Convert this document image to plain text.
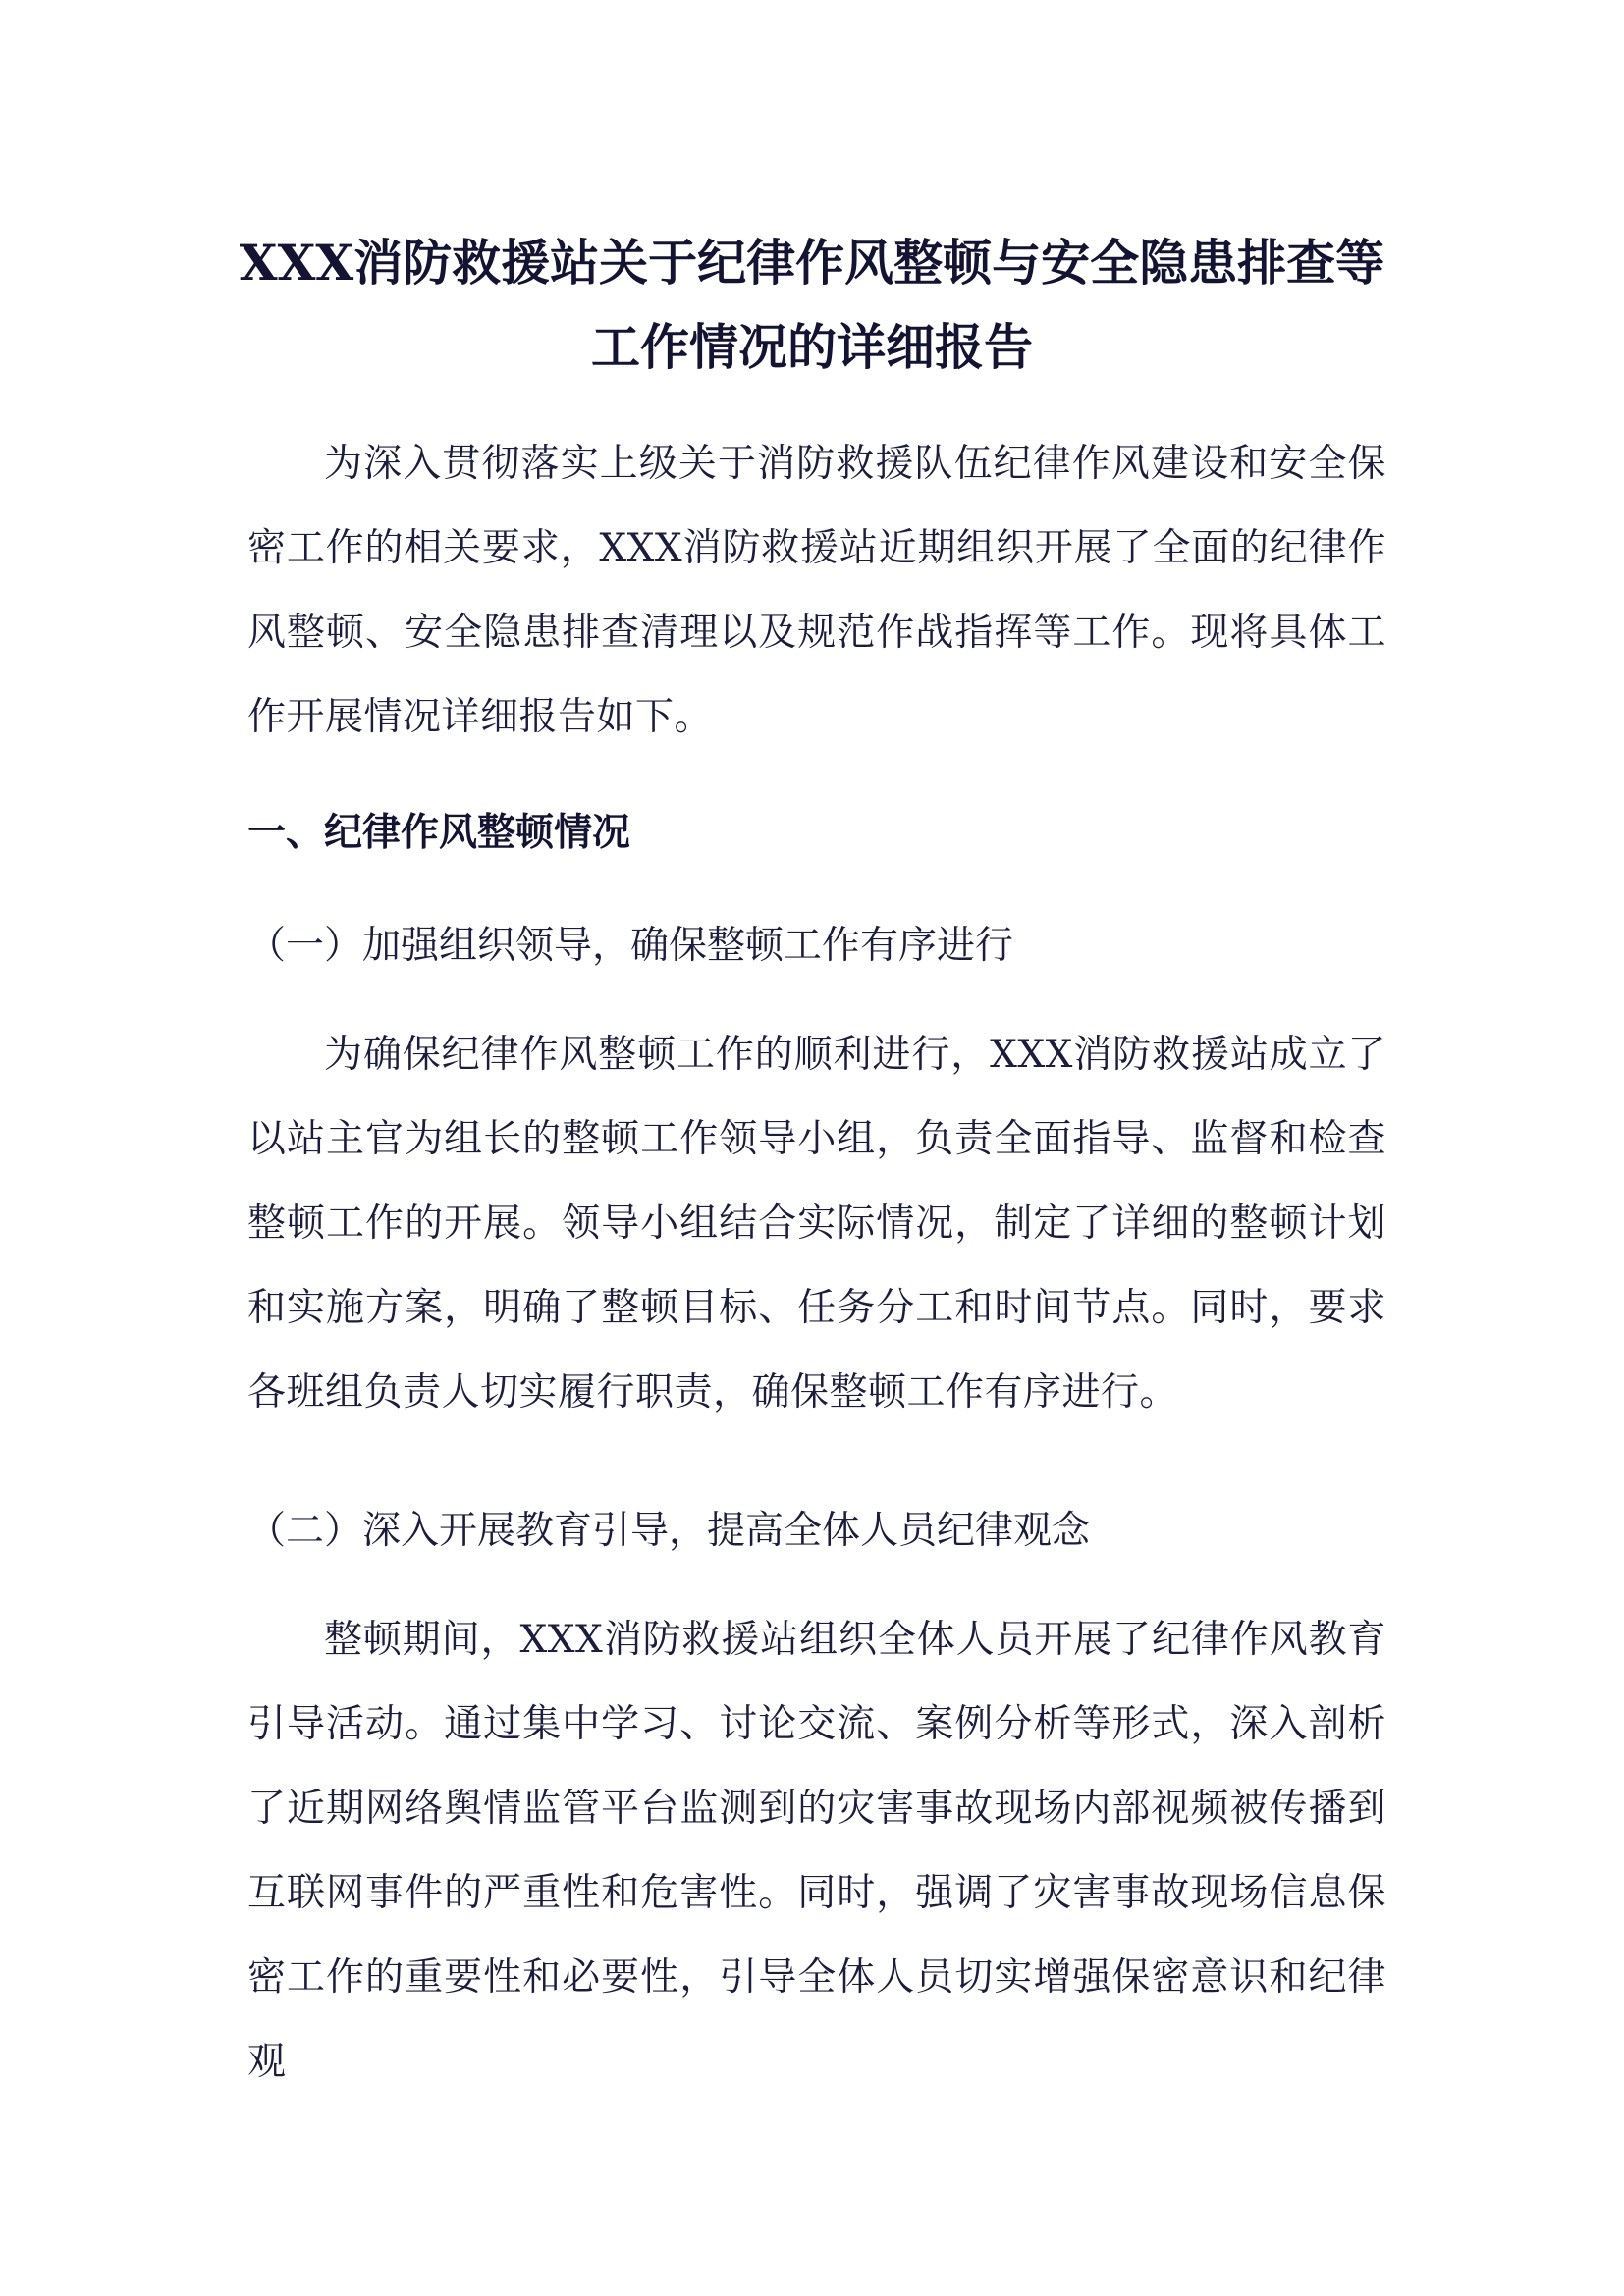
XXX消防救援站关于纪律作风整顿与安全隐患排查等
工作情况的详细报告
为深入贯彻落实上级关于消防救援队伍纪律作风建设和安全保密工作的相关要求，XXX消防救援站近期组织开展了全面的纪律作风整顿、安全隐患排查清理以及规范作战指挥等工作。现将具体工作开展情况详细报告如下。
一、纪律作风整顿情况
（一）加强组织领导，确保整顿工作有序进行
为确保纪律作风整顿工作的顺利进行，XXX消防救援站成立了以站主官为组长的整顿工作领导小组，负责全面指导、监督和检查整顿工作的开展。领导小组结合实际情况，制定了详细的整顿计划和实施方案，明确了整顿目标、任务分工和时间节点。同时，要求各班组负责人切实履行职责，确保整顿工作有序进行。
（二）深入开展教育引导，提高全体人员纪律观念
整顿期间，XXX消防救援站组织全体人员开展了纪律作风教育引导活动。通过集中学习、讨论交流、案例分析等形式，深入剖析了近期网络舆情监管平台监测到的灾害事故现场内部视频被传播到互联网事件的严重性和危害性。同时，强调了灾害事故现场信息保密工作的重要性和必要性，引导全体人员切实增强保密意识和纪律观
